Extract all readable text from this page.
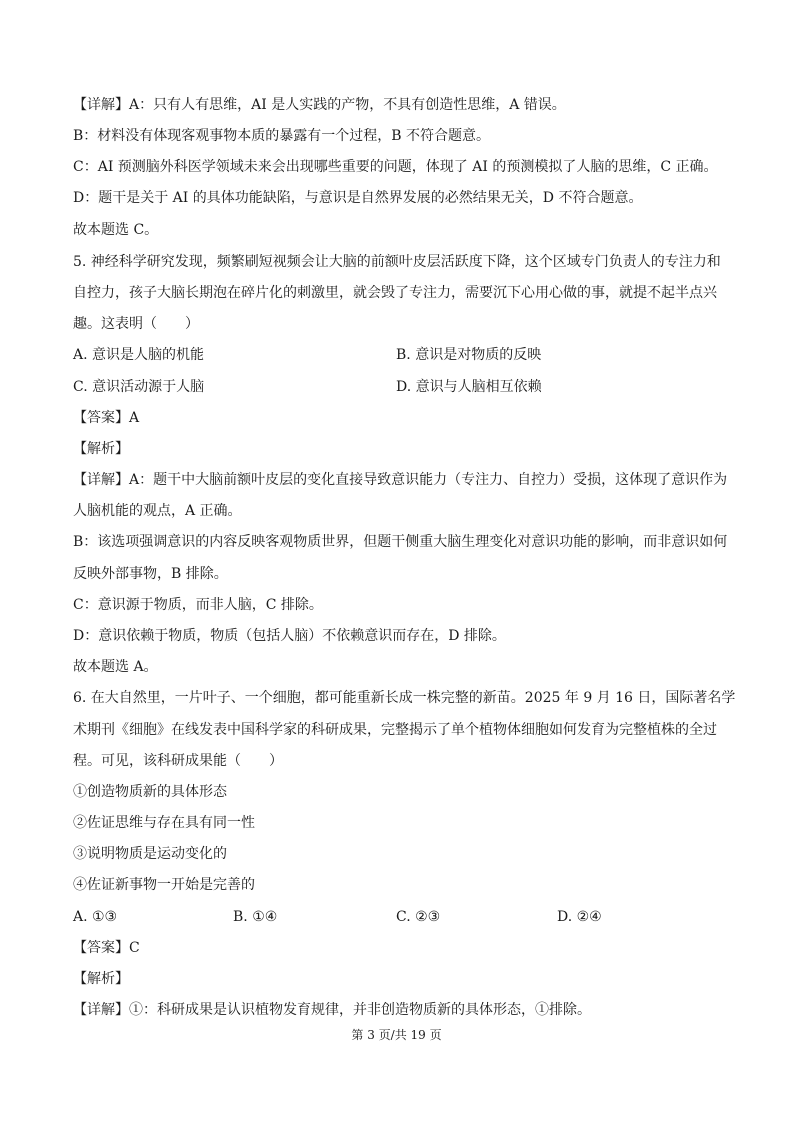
【详解】A：只有人有思维，AI 是人实践的产物，不具有创造性思维，A 错误。
B：材料没有体现客观事物本质的暴露有一个过程，B 不符合题意。
C：AI 预测脑外科医学领域未来会出现哪些重要的问题，体现了 AI 的预测模拟了人脑的思维，C 正确。
D：题干是关于 AI 的具体功能缺陷，与意识是自然界发展的必然结果无关，D 不符合题意。
故本题选 C。
5. 神经科学研究发现，频繁刷短视频会让大脑的前额叶皮层活跃度下降，这个区域专门负责人的专注力和
自控力，孩子大脑长期泡在碎片化的刺激里，就会毁了专注力，需要沉下心用心做的事，就提不起半点兴
趣。这表明（　　）
A. 意识是人脑的机能	B. 意识是对物质的反映
C. 意识活动源于人脑	D. 意识与人脑相互依赖
【答案】A
【解析】
【详解】A：题干中大脑前额叶皮层的变化直接导致意识能力（专注力、自控力）受损，这体现了意识作为
人脑机能的观点，A 正确。
B：该选项强调意识的内容反映客观物质世界，但题干侧重大脑生理变化对意识功能的影响，而非意识如何
反映外部事物，B 排除。
C：意识源于物质，而非人脑，C 排除。
D：意识依赖于物质，物质（包括人脑）不依赖意识而存在，D 排除。
故本题选 A。
6. 在大自然里，一片叶子、一个细胞，都可能重新长成一株完整的新苗。2025 年 9 月 16 日，国际著名学
术期刊《细胞》在线发表中国科学家的科研成果，完整揭示了单个植物体细胞如何发育为完整植株的全过
程。可见，该科研成果能（　　）
①创造物质新的具体形态
②佐证思维与存在具有同一性
③说明物质是运动变化的
④佐证新事物一开始是完善的
A. ①③	B. ①④	C. ②③	D. ②④
【答案】C
【解析】
【详解】①：科研成果是认识植物发育规律，并非创造物质新的具体形态，①排除。
第 3 页/共 19 页
